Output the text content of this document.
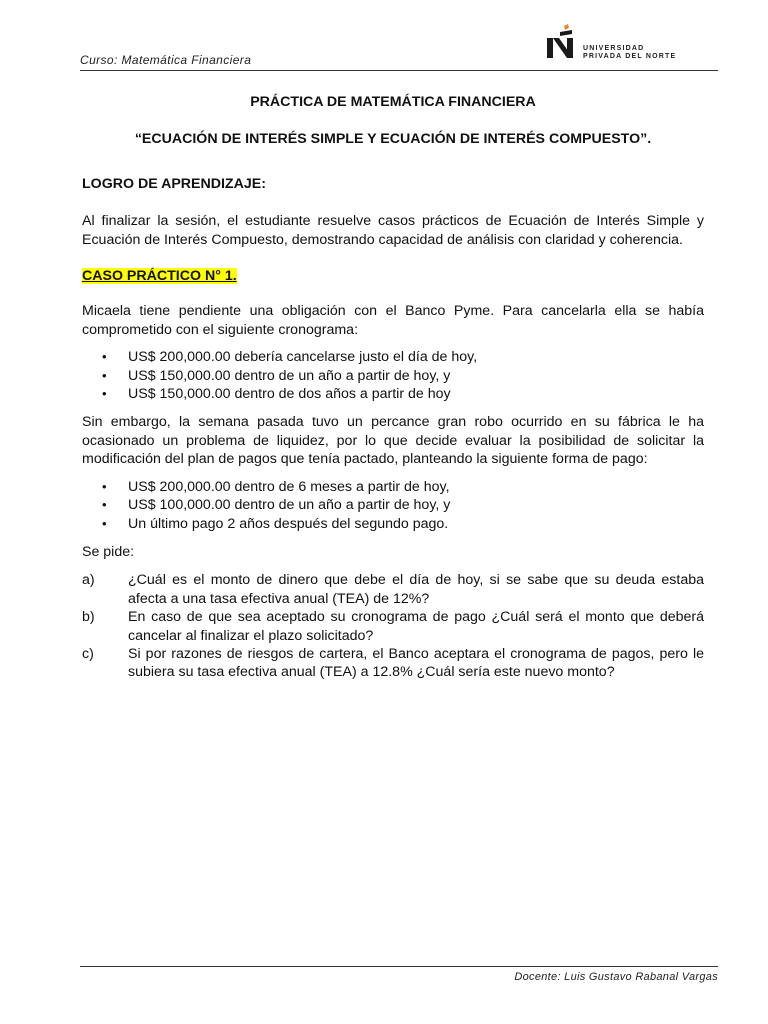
Curso: Matemática Financiera
UNIVERSIDAD
PRIVADA DEL NORTE
PRÁCTICA DE MATEMÁTICA FINANCIERA
“ECUACIÓN DE INTERÉS SIMPLE Y ECUACIÓN DE INTERÉS COMPUESTO”.
LOGRO DE APRENDIZAJE:

Al finalizar la sesión, el estudiante resuelve casos prácticos de Ecuación de Interés Simple y Ecuación de Interés Compuesto, demostrando capacidad de análisis con claridad y coherencia.

CASO PRÁCTICO N° 1.

Micaela tiene pendiente una obligación con el Banco Pyme. Para cancelarla ella se había comprometido con el siguiente cronograma:

• US$ 200,000.00 debería cancelarse justo el día de hoy,
• US$ 150,000.00 dentro de un año a partir de hoy, y
• US$ 150,000.00 dentro de dos años a partir de hoy

Sin embargo, la semana pasada tuvo un percance gran robo ocurrido en su fábrica le ha ocasionado un problema de liquidez, por lo que decide evaluar la posibilidad de solicitar la modificación del plan de pagos que tenía pactado, planteando la siguiente forma de pago:

• US$ 200,000.00 dentro de 6 meses a partir de hoy,
• US$ 100,000.00 dentro de un año a partir de hoy, y
• Un último pago 2 años después del segundo pago.

Se pide:

a) ¿Cuál es el monto de dinero que debe el día de hoy, si se sabe que su deuda estaba afecta a una tasa efectiva anual (TEA) de 12%?
b) En caso de que sea aceptado su cronograma de pago ¿Cuál será el monto que deberá cancelar al finalizar el plazo solicitado?
c) Si por razones de riesgos de cartera, el Banco aceptara el cronograma de pagos, pero le subiera su tasa efectiva anual (TEA) a 12.8% ¿Cuál sería este nuevo monto?
Docente: Luis Gustavo Rabanal Vargas
